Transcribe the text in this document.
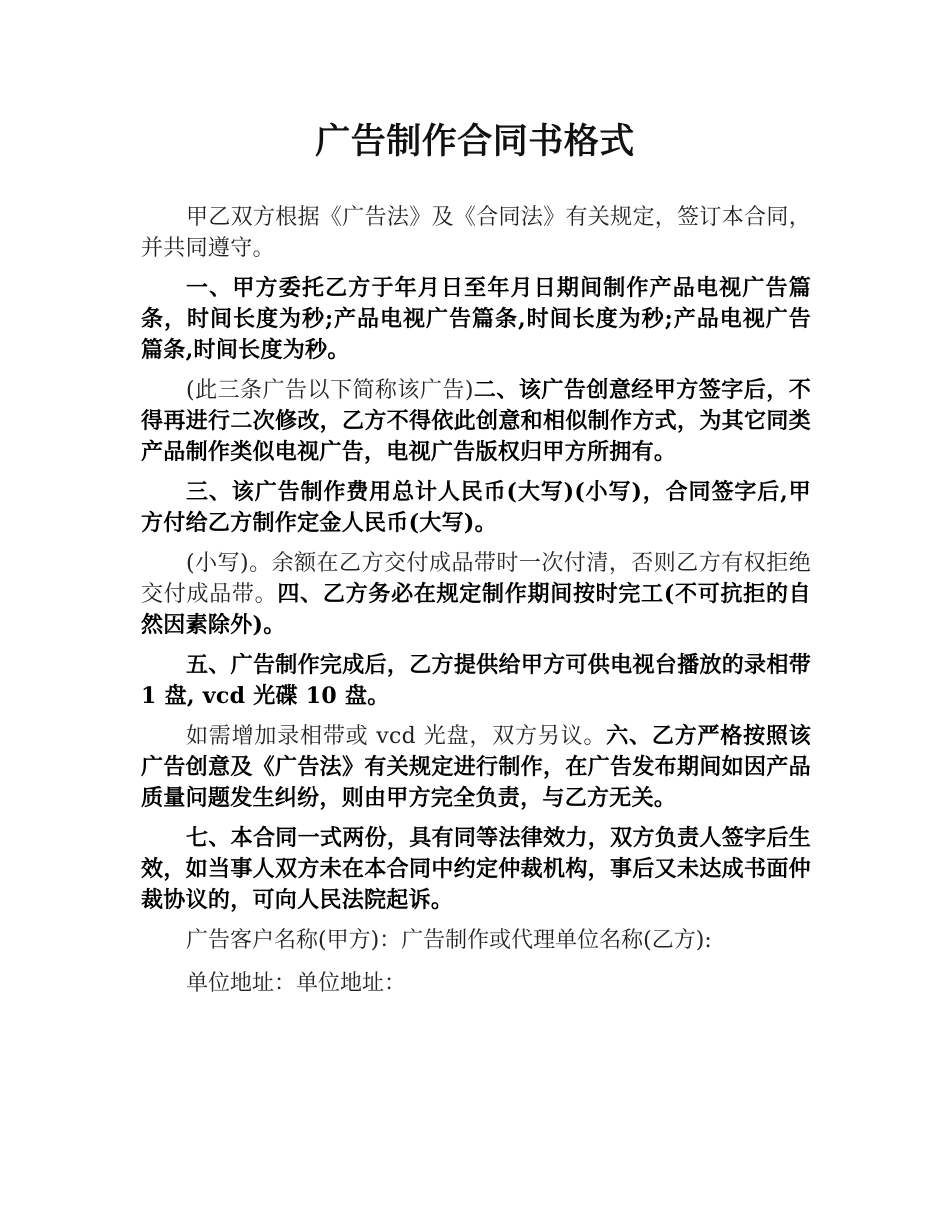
广告制作合同书格式

甲乙双方根据《广告法》及《合同法》有关规定，签订本合同，并共同遵守。

一、甲方委托乙方于年月日至年月日期间制作产品电视广告篇条，时间长度为秒;产品电视广告篇条,时间长度为秒;产品电视广告篇条,时间长度为秒。

(此三条广告以下简称该广告)二、该广告创意经甲方签字后，不得再进行二次修改，乙方不得依此创意和相似制作方式，为其它同类产品制作类似电视广告，电视广告版权归甲方所拥有。

三、该广告制作费用总计人民币(大写)(小写)，合同签字后,甲方付给乙方制作定金人民币(大写)。

(小写)。余额在乙方交付成品带时一次付清，否则乙方有权拒绝交付成品带。四、乙方务必在规定制作期间按时完工(不可抗拒的自然因素除外)。

五、广告制作完成后，乙方提供给甲方可供电视台播放的录相带 1 盘, vcd 光碟 10 盘。

如需增加录相带或 vcd 光盘，双方另议。六、乙方严格按照该广告创意及《广告法》有关规定进行制作，在广告发布期间如因产品质量问题发生纠纷，则由甲方完全负责，与乙方无关。

七、本合同一式两份，具有同等法律效力，双方负责人签字后生效，如当事人双方未在本合同中约定仲裁机构，事后又未达成书面仲裁协议的，可向人民法院起诉。

广告客户名称(甲方)：广告制作或代理单位名称(乙方):

单位地址：单位地址：
